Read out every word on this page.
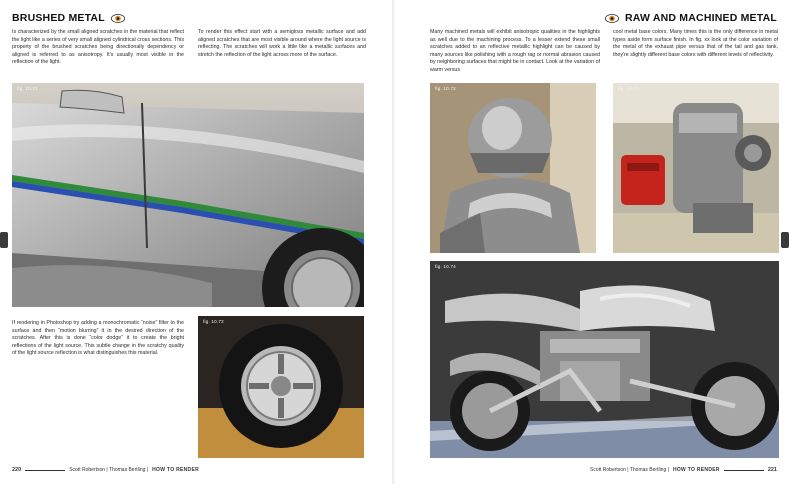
BRUSHED METAL

Is characterized by the small aligned scratches in the material that reflect the light like a series of very small aligned cylindrical cross sections. This property of the brushed scratches being directionally dependency or aligned is referred to as anisotropy. It's usually most visible in the reflection of the light.

To render this effect start with a semigloss metallic surface and add aligned scratches that are most visible around where the light source is reflecting. The scratches will work a little like a metallic surfaces and stretch the reflection of the light across more of the surface.

fig. 10.71

If rendering in Photoshop try adding a monochromatic “noise” filter to the surface and then “motion blurring” it in the desired direction of the scratches. After this is done “color dodge” it to create the bright reflections of the light source. This subtle change in the scratchy quality of the light source reflection is what distinguishes this material.

fig. 10.72
220	Scott Robertson | Thomas Bertling | HOW TO RENDER
RAW AND MACHINED METAL

Many machined metals will exhibit anisotropic qualities in the highlights as well due to the machining process. To a lesser extend these small scratches added to an reflective metallic highlight can be caused by many sources like polishing with a rough rag or normal abrasion caused by neighboring surfaces that might be in contact. Look at the variation of warm versus

cool metal base colors. Many times this is the only difference in metal types aside form surface finish. In fig. xx look at the color variation of the metal of the exhaust pipe versus that of the tail and gas tank, they're slightly different base colors with different levels of reflectivity.

fig. 10.72	fig. 10.73
fig. 10.74
Scott Robertson | Thomas Bertling | HOW TO RENDER	221
